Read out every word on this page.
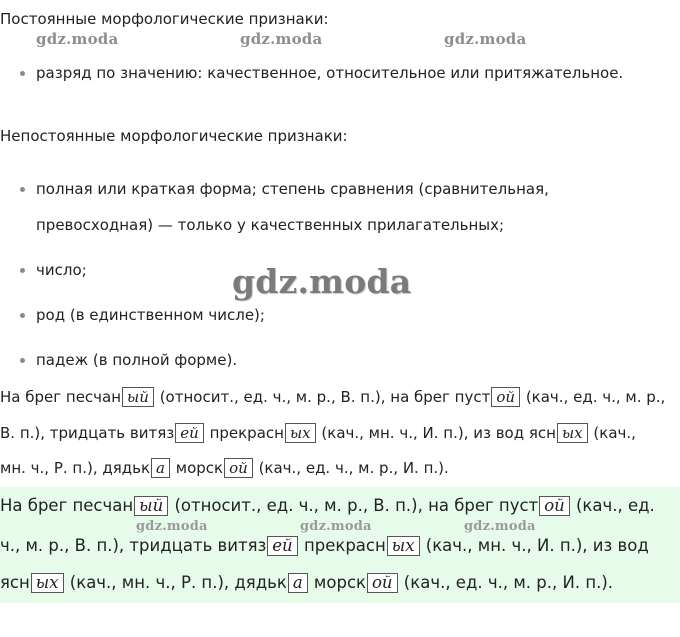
Постоянные морфологические признаки:
gdz.moda	gdz.moda	gdz.moda
разряд по значению: качественное, относительное или притяжательное.
Непостоянные морфологические признаки:
полная или краткая форма; степень сравнения (сравнительная,
превосходная) — только у качественных прилагательных;
число;	gdz.moda
род (в единственном числе);
падеж (в полной форме).
На брег песчан ый (относит., ед. ч., м. р., В. п.), на брег пуст ой (кач., ед. ч., м. р.,
В. п.), тридцать витяз ей прекрасн ых (кач., мн. ч., И. п.), из вод ясн ых (кач.,
мн. ч., Р. п.), дядьк а морск ой (кач., ед. ч., м. р., И. п.).
На брег песчан ый (относит., ед. ч., м. р., В. п.), на брег пуст ой (кач., ед.
gdz.moda	gdz.moda	gdz.moda
ч., м. р., В. п.), тридцать витяз ей прекрасн ых (кач., мн. ч., И. п.), из вод
ясн ых (кач., мн. ч., Р. п.), дядьк а морск ой (кач., ед. ч., м. р., И. п.).
